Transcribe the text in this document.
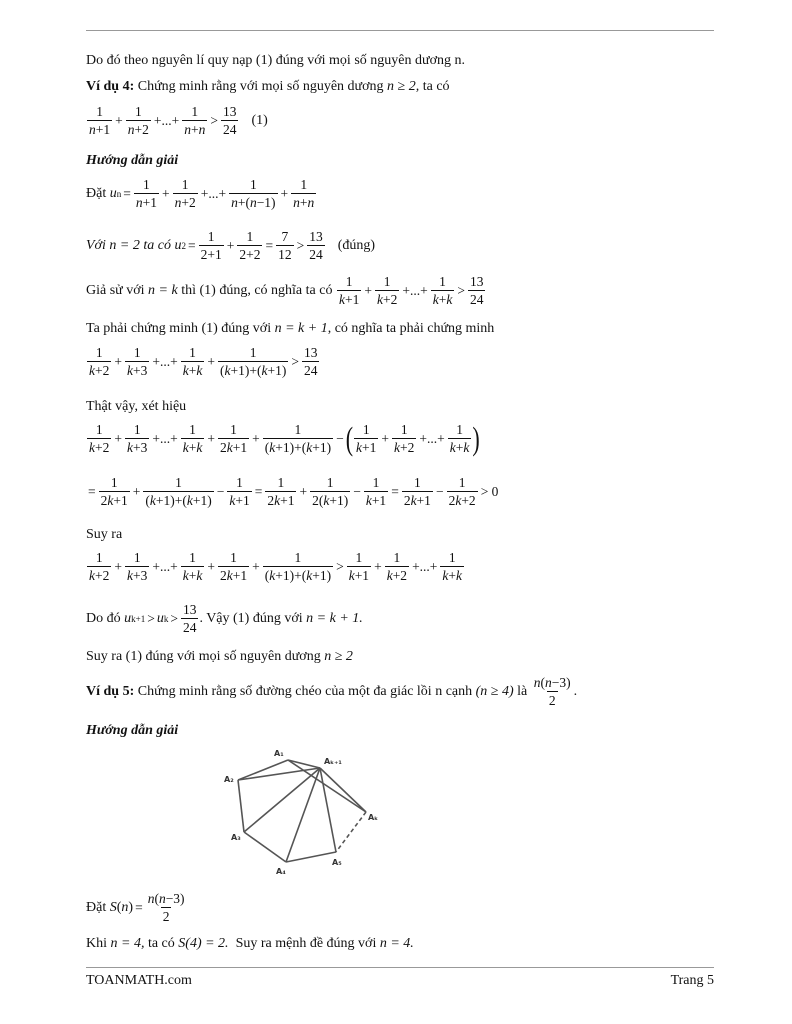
Do đó theo nguyên lí quy nạp (1) đúng với mọi số nguyên dương n.
Ví dụ 4:
Chứng minh rằng với mọi số nguyên dương
n ≥ 2,
ta có
1
n+1
+ $\frac{1}{n+2}$ +...+ $\frac{1}{n+n}$ >
13
24
(1)
Hướng dẫn giải
Đặt
u $n = \frac{1}{n+1} + \frac{1}{n+2}$ +...+ $\frac{1}{n+(n-1)} + \frac{1}{n+n}$
Với n = 2 ta có
u $2 = \frac{1}{2+1} + \frac{1}{2+2} = \frac{7}{12}$ >
13
24
(đúng)
Giả sử với
n = k
thì (1) đúng, có nghĩa ta có

1
k+1
+ $\frac{1}{k+2}$ +...+ $\frac{1}{k+k}$ >
13
24
Ta phải chứng minh (1) đúng với
n = k + 1 , có nghĩa ta phải chứng minh
1
k+2
+ $\frac{1}{k+3}$ +...+ $\frac{1}{k+k} + \frac{1}{(k+1)+(k+1)}$ >
13
24
Thật vậy, xét hiệu
1
k+2
+ $\frac{1}{k+3}$ +...+ $\frac{1}{k+k} + \frac{1}{2k+1} + \frac{1}{(k+1)+(k+1)}$ − ( 1
k+1
+ $\frac{1}{k+2}$ +...+ $\frac{1}{k+k}$ )
= $\frac{1}{2k+1} + \frac{1}{(k+1)+(k+1)} - \frac{1}{k+1} = \frac{1}{2k+1} + \frac{1}{2(k+1)} - \frac{1}{k+1} = \frac{1}{2k+1} - \frac{1}{2k+2} > 0$
Suy ra
1
k+2
+ $\frac{1}{k+3}$ +...+ $\frac{1}{k+k} + \frac{1}{2k+1} + \frac{1}{(k+1)+(k+1)}$ >
1
k+1
+ $\frac{1}{k+2}$ +...+ $\frac{1}{k+k}$
Do đó
u k+1 > u k >
13
24
. Vậy (1) đúng với
n = k + 1.
Suy ra (1) đúng với mọi số nguyên dương
n ≥ 2
Ví dụ 5:
Chứng minh rằng số đường chéo của một đa giác lồi n cạnh
(n ≥ 4)
là

n(n−3)
2
.
Hướng dẫn giải
A₁
Aₖ₊₁
A₂
A₃
A₄
A₅
Aₖ
Đặt
S ( n ) = $\frac{n(n-3)}{2}$
Khi
n = 4,
ta có
S(4) = 2.
Suy ra mệnh đề đúng với
n = 4.
TOANMATH.com	Trang 5
